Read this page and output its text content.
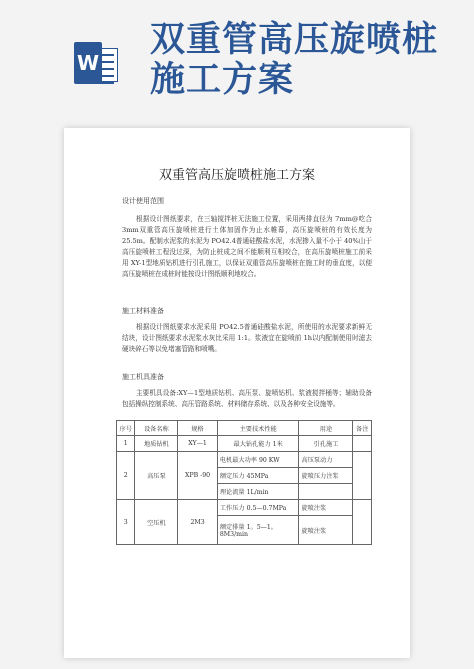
W
双重管高压旋喷桩施工方案
双重管高压旋喷桩施工方案
设计使用范围
根据设计图纸要求，在三轴搅拌桩无法施工位置，采用两排直径为 7mm@吃合 3mm双重管高压旋喷桩进行土体加固作为止水帷幕，高压旋喷桩的有效长度为 25.5m。配制水泥浆的水泥为 PO42.4普通硅酸盐水泥，水泥掺入量不小于 40%山于高压旋喷桩工程没过深，为防止桩成之间不能顺利互相咬合，在高压旋喷桩施工前采用 XY-1型地质钻机进行引孔施工，以保证双重管高压旋喷桩在施工时的垂直度，以便高压旋喷桩在成桩时能按设计图纸顺利地咬合。
施工材料准备
根据设计图纸要求水泥采用 PO42.5普通硅酸盐水泥，所使用的水泥要求新鲜无结块，设计图纸要求水泥浆水灰比采用 1:1。浆液宜在旋喷前 1h以内配制使用时滤去硬块碎石等以免堵塞管路和喷嘴。
施工机具准备
主要机具设备:XY—1型地质钻机、高压泵、旋喷钻机、浆液搅拌桶等；辅助设备包括操纵控制系统、高压管路系统、材料储存系统、以及各种安全设施等。
序号	设备名称	规格	主要技术性能	用途	备注
1	地质钻机	XY—1	最大钻孔能力 1米	引孔施工	
2	高压泵	XPB -90	电机最大功率 90 KW	高压泵动力	
			额定压力 45MPa	旋喷压力注浆	
			理论流量 1L/min		
3	空压机	2M3	工作压力 0.5—0.7MPa	旋喷注浆	
			额定排量 1。5—1。8M3/min	旋喷注浆	
